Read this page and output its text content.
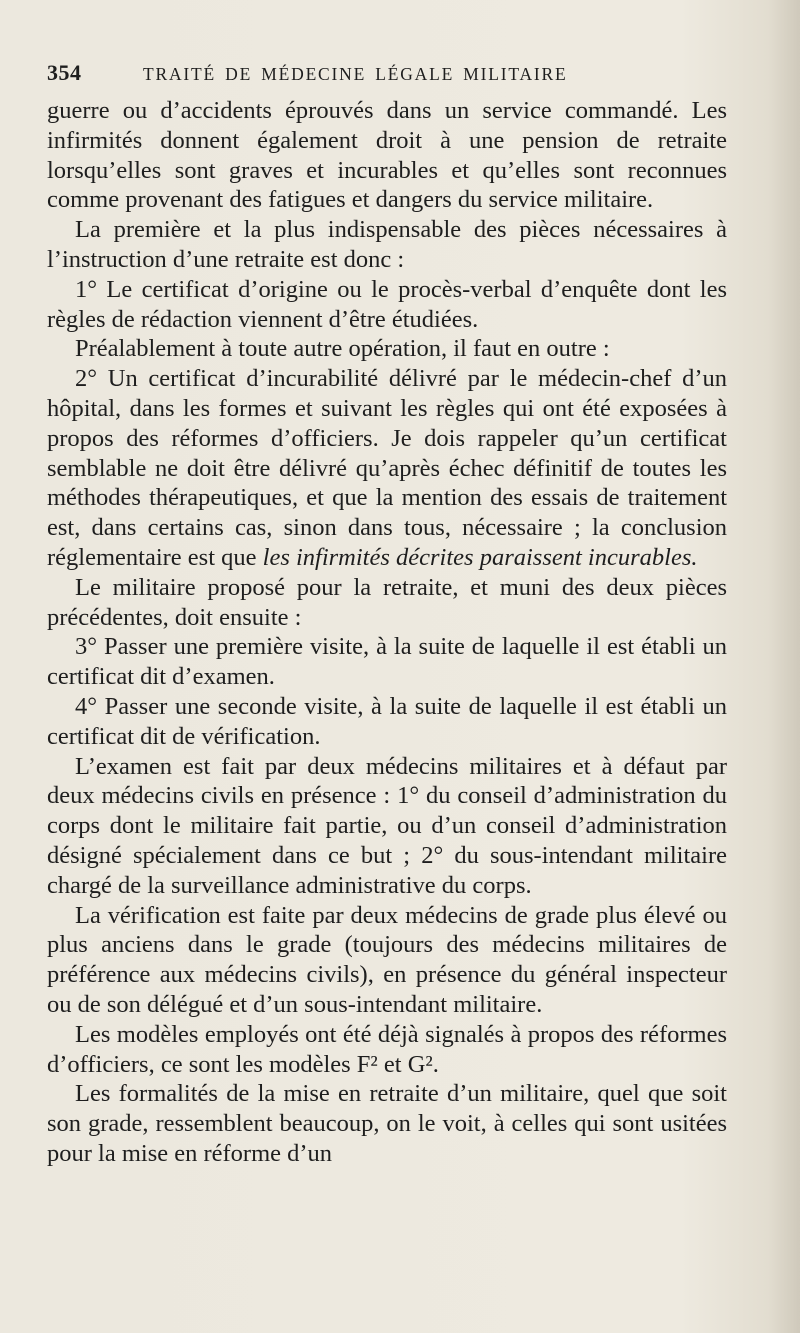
354	TRAITÉ DE MÉDECINE LÉGALE MILITAIRE

guerre ou d’accidents éprouvés dans un service commandé. Les infirmités donnent également droit à une pension de retraite lorsqu’elles sont graves et incurables et qu’elles sont reconnues comme provenant des fatigues et dangers du service militaire.

La première et la plus indispensable des pièces nécessaires à l’instruction d’une retraite est donc :

1° Le certificat d’origine ou le procès-verbal d’enquête dont les règles de rédaction viennent d’être étudiées.

Préalablement à toute autre opération, il faut en outre :

2° Un certificat d’incurabilité délivré par le médecin-chef d’un hôpital, dans les formes et suivant les règles qui ont été exposées à propos des réformes d’officiers. Je dois rappeler qu’un certificat semblable ne doit être délivré qu’après échec définitif de toutes les méthodes thérapeutiques, et que la mention des essais de traitement est, dans certains cas, sinon dans tous, nécessaire ; la conclusion réglementaire est que les infirmités décrites paraissent incurables.

Le militaire proposé pour la retraite, et muni des deux pièces précédentes, doit ensuite :

3° Passer une première visite, à la suite de laquelle il est établi un certificat dit d’examen.

4° Passer une seconde visite, à la suite de laquelle il est établi un certificat dit de vérification.

L’examen est fait par deux médecins militaires et à défaut par deux médecins civils en présence : 1° du conseil d’administration du corps dont le militaire fait partie, ou d’un conseil d’administration désigné spécialement dans ce but ; 2° du sous-intendant militaire chargé de la surveillance administrative du corps.

La vérification est faite par deux médecins de grade plus élevé ou plus anciens dans le grade (toujours des médecins militaires de préférence aux médecins civils), en présence du général inspecteur ou de son délégué et d’un sous-intendant militaire.

Les modèles employés ont été déjà signalés à propos des réformes d’officiers, ce sont les modèles F² et G².

Les formalités de la mise en retraite d’un militaire, quel que soit son grade, ressemblent beaucoup, on le voit, à celles qui sont usitées pour la mise en réforme d’un
